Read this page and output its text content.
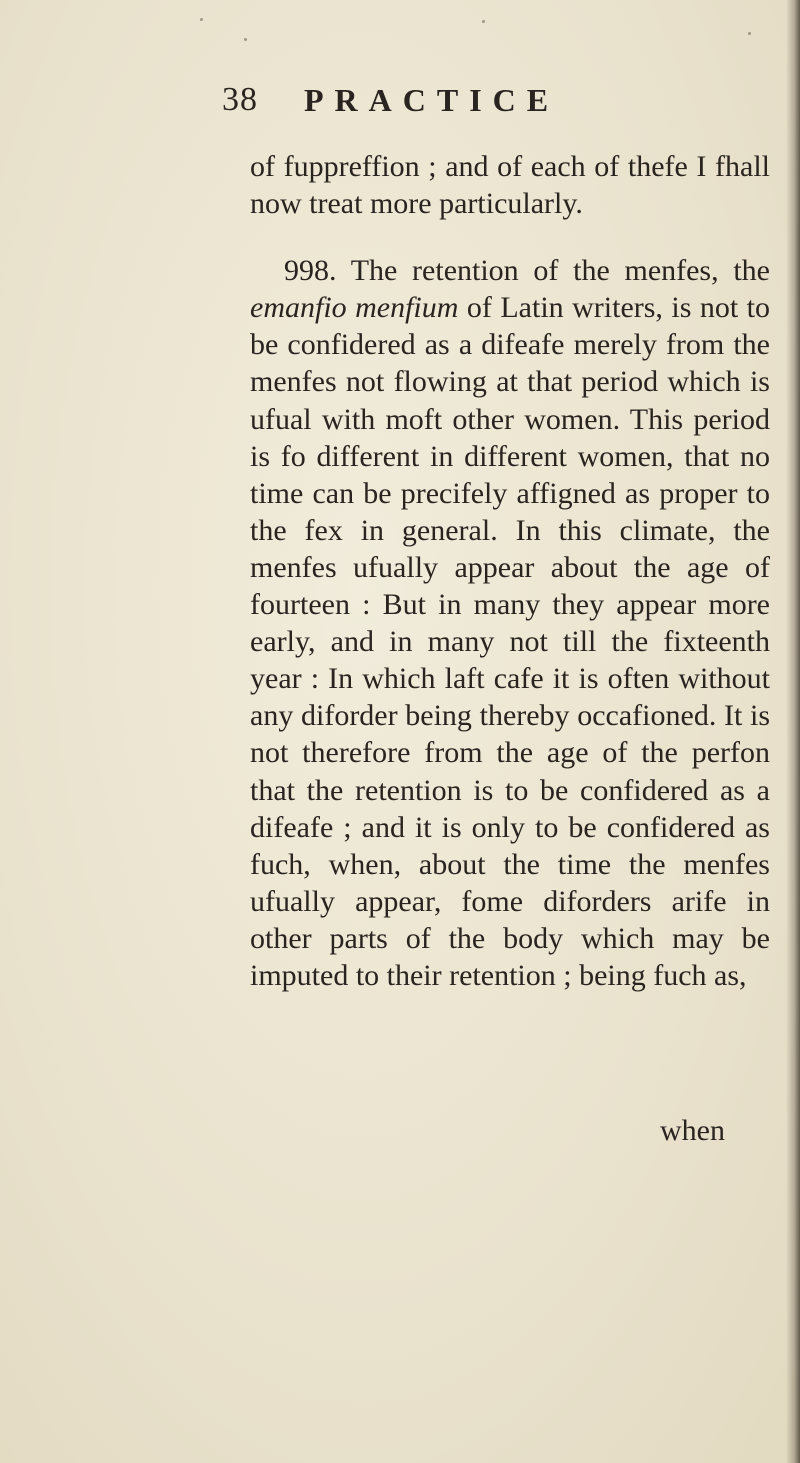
38 PRACTICE

of fuppreffion ; and of each of thefe I fhall now treat more particularly.

998. The retention of the menfes, the emanfio menfium of Latin writers, is not to be confidered as a difeafe merely from the menfes not flowing at that period which is ufual with moft other women. This period is fo different in different women, that no time can be precifely affigned as proper to the fex in general. In this climate, the menfes ufually appear about the age of fourteen : But in many they appear more early, and in many not till the fixteenth year : In which laft cafe it is often without any diforder being thereby occafioned. It is not therefore from the age of the perfon that the retention is to be confidered as a difeafe ; and it is only to be confidered as fuch, when, about the time the menfes ufually appear, fome diforders arife in other parts of the body which may be imputed to their retention ; being fuch as,

when
